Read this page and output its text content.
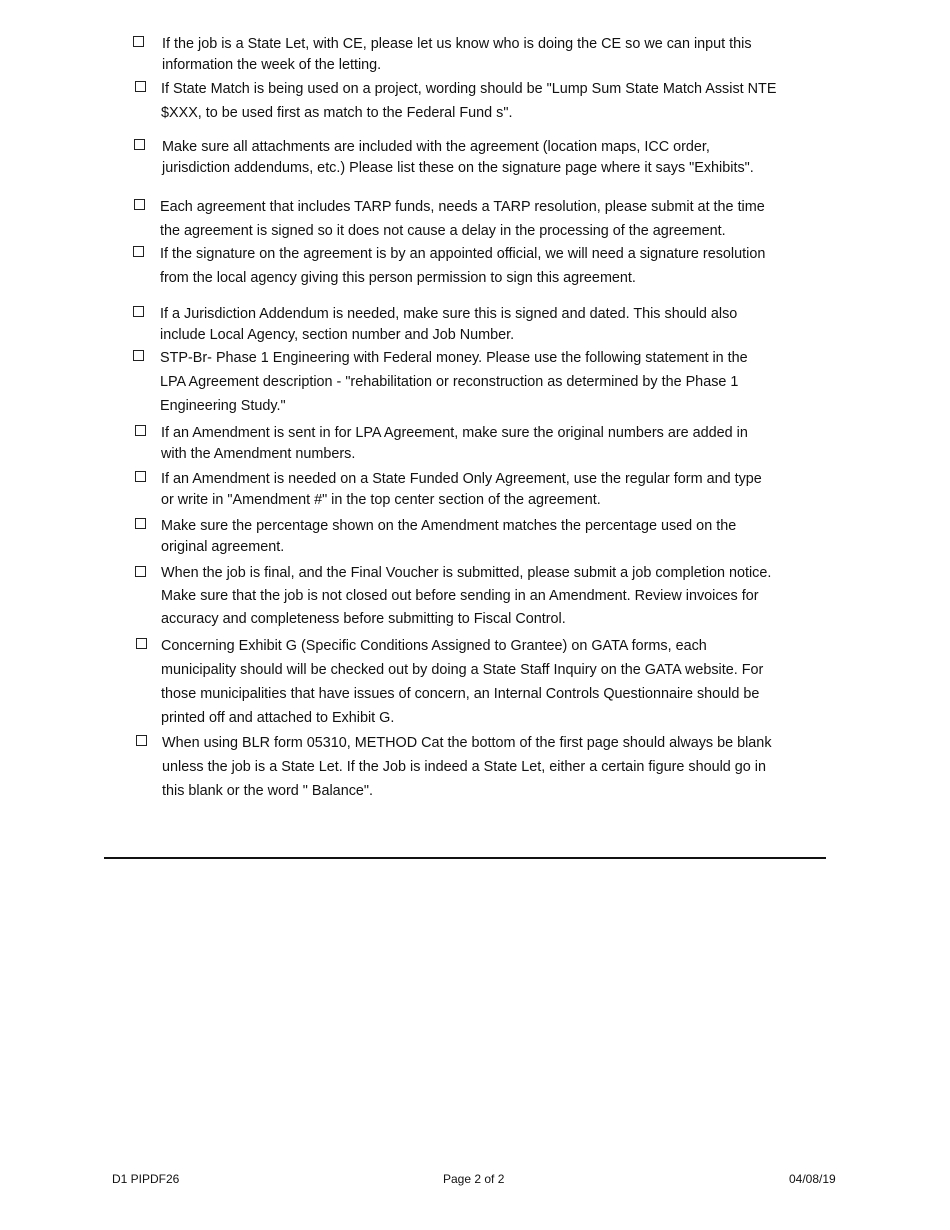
If the job is a State Let, with CE, please let us know who is doing the CE so we can input this
information the week of the letting.
If State Match is being used on a project, wording should be "Lump Sum State Match Assist NTE
$XXX, to be used first as match to the Federal Fund s".
Make sure all attachments are included with the agreement (location maps, ICC order,
jurisdiction addendums, etc.) Please list these on the signature page where it says "Exhibits".
Each agreement that includes TARP funds, needs a TARP resolution, please submit at the time
the agreement is signed so it does not cause a delay in the processing of the agreement.
If the signature on the agreement is by an appointed official, we will need a signature resolution
from the local agency giving this person permission to sign this agreement.
If a Jurisdiction Addendum is needed, make sure this is signed and dated. This should also
include Local Agency, section number and Job Number.
STP-Br- Phase 1 Engineering with Federal money. Please use the following statement in the
LPA Agreement description - "rehabilitation or reconstruction as determined by the Phase 1
Engineering Study."
If an Amendment is sent in for LPA Agreement, make sure the original numbers are added in
with the Amendment numbers.
If an Amendment is needed on a State Funded Only Agreement, use the regular form and type
or write in "Amendment #" in the top center section of the agreement.
Make sure the percentage shown on the Amendment matches the percentage used on the
original agreement.
When the job is final, and the Final Voucher is submitted, please submit a job completion notice.
Make sure that the job is not closed out before sending in an Amendment. Review invoices for
accuracy and completeness before submitting to Fiscal Control.
Concerning Exhibit G (Specific Conditions Assigned to Grantee) on GATA forms, each
municipality should will be checked out by doing a State Staff Inquiry on the GATA website. For
those municipalities that have issues of concern, an Internal Controls Questionnaire should be
printed off and attached to Exhibit G.
When using BLR form 05310, METHOD Cat the bottom of the first page should always be blank
unless the job is a State Let. If the Job is indeed a State Let, either a certain figure should go in
this blank or the word " Balance".
D1 PIPDF26	Page 2 of 2	04/08/19
